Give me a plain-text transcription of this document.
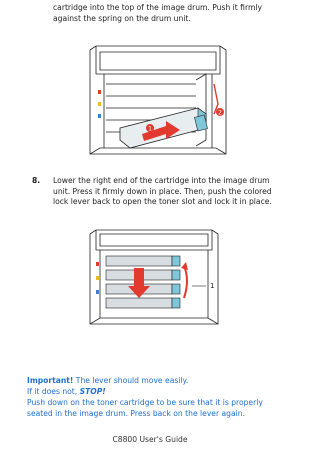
cartridge into the top of the image drum. Push it firmly against the spring on the drum unit.
1
2
8. Lower the right end of the cartridge into the image drum unit. Press it firmly down in place. Then, push the colored lock lever back to open the toner slot and lock it in place.
1
Important! The lever should move easily.
If it does not, STOP!
Push down on the toner cartridge to be sure that it is properly seated in the image drum. Press back on the lever again.
C8800 User's Guide
